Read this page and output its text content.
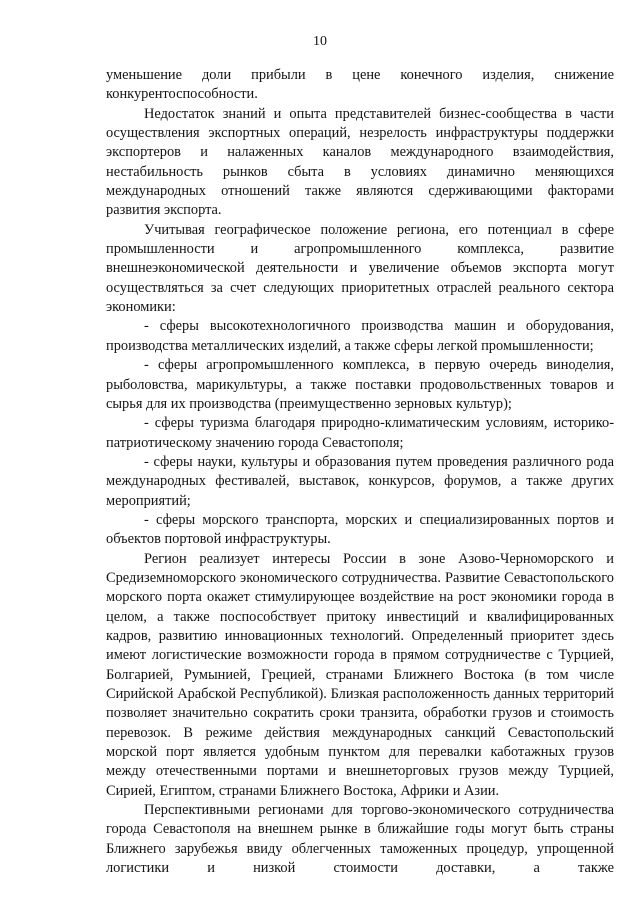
10

уменьшение доли прибыли в цене конечного изделия, снижение конкурентоспособности.

Недостаток знаний и опыта представителей бизнес-сообщества в части осуществления экспортных операций, незрелость инфраструктуры поддержки экспортеров и налаженных каналов международного взаимодействия, нестабильность рынков сбыта в условиях динамично меняющихся международных отношений также являются сдерживающими факторами развития экспорта.

Учитывая географическое положение региона, его потенциал в сфере промышленности и агропромышленного комплекса, развитие внешнеэкономической деятельности и увеличение объемов экспорта могут осуществляться за счет следующих приоритетных отраслей реального сектора экономики:

- сферы высокотехнологичного производства машин и оборудования, производства металлических изделий, а также сферы легкой промышленности;

- сферы агропромышленного комплекса, в первую очередь виноделия, рыболовства, марикультуры, а также поставки продовольственных товаров и сырья для их производства (преимущественно зерновых культур);

- сферы туризма благодаря природно-климатическим условиям, историко-патриотическому значению города Севастополя;

- сферы науки, культуры и образования путем проведения различного рода международных фестивалей, выставок, конкурсов, форумов, а также других мероприятий;

- сферы морского транспорта, морских и специализированных портов и объектов портовой инфраструктуры.

Регион реализует интересы России в зоне Азово-Черноморского и Средиземноморского экономического сотрудничества. Развитие Севастопольского морского порта окажет стимулирующее воздействие на рост экономики города в целом, а также поспособствует притоку инвестиций и квалифицированных кадров, развитию инновационных технологий. Определенный приоритет здесь имеют логистические возможности города в прямом сотрудничестве с Турцией, Болгарией, Румынией, Грецией, странами Ближнего Востока (в том числе Сирийской Арабской Республикой). Близкая расположенность данных территорий позволяет значительно сократить сроки транзита, обработки грузов и стоимость перевозок. В режиме действия международных санкций Севастопольский морской порт является удобным пунктом для перевалки каботажных грузов между отечественными портами и внешнеторговых грузов между Турцией, Сирией, Египтом, странами Ближнего Востока, Африки и Азии.

Перспективными регионами для торгово-экономического сотрудничества города Севастополя на внешнем рынке в ближайшие годы могут быть страны Ближнего зарубежья ввиду облегченных таможенных процедур, упрощенной логистики и низкой стоимости доставки, а также
